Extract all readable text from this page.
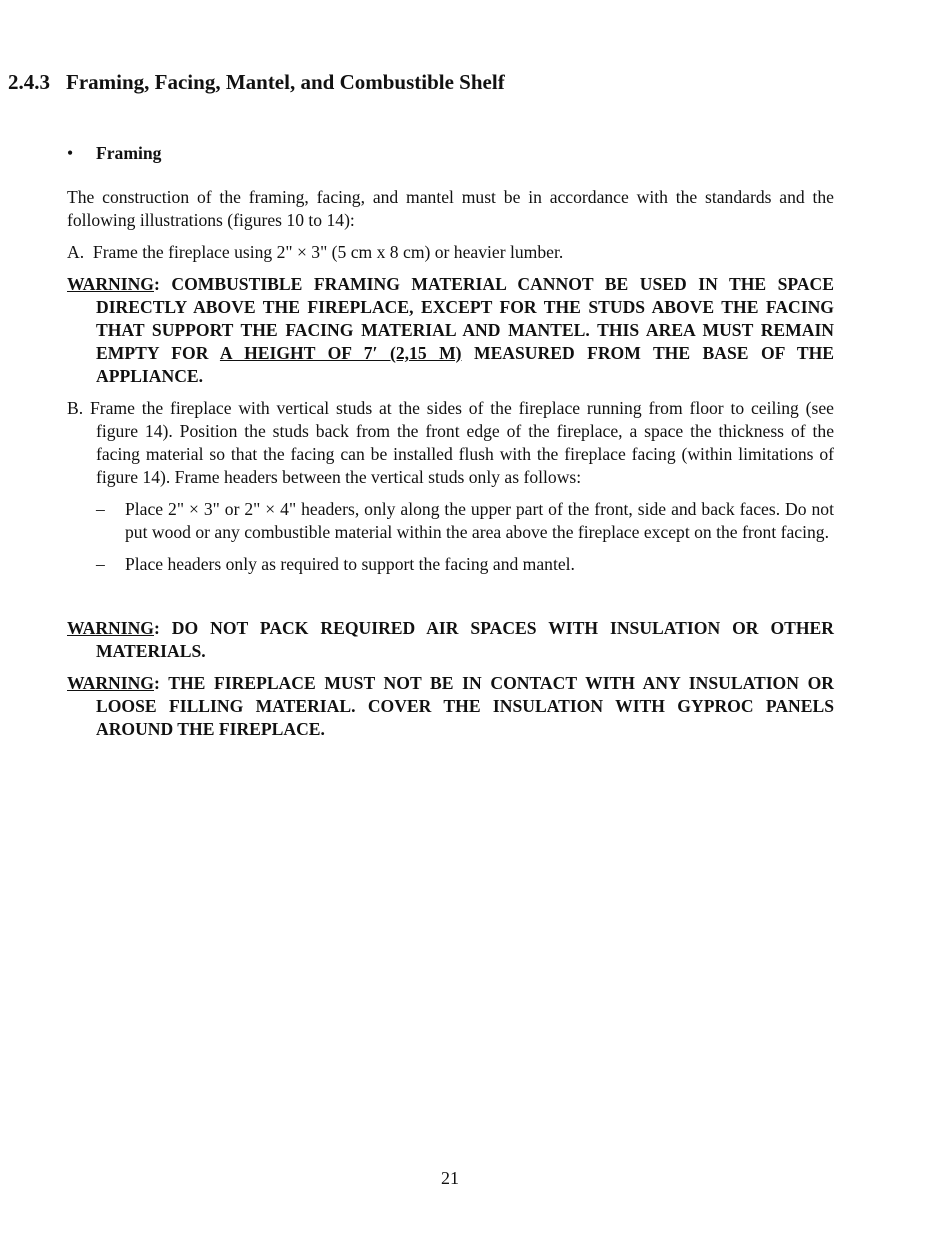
2.4.3 Framing, Facing, Mantel, and Combustible Shelf
• Framing

The construction of the framing, facing, and mantel must be in accordance with the standards and the following illustrations (figures 10 to 14):

A. Frame the fireplace using 2" × 3" (5 cm x 8 cm) or heavier lumber.

WARNING: COMBUSTIBLE FRAMING MATERIAL CANNOT BE USED IN THE SPACE DIRECTLY ABOVE THE FIREPLACE, EXCEPT FOR THE STUDS ABOVE THE FACING THAT SUPPORT THE FACING MATERIAL AND MANTEL. THIS AREA MUST REMAIN EMPTY FOR A HEIGHT OF 7′ (2,15 M) MEASURED FROM THE BASE OF THE APPLIANCE.

B. Frame the fireplace with vertical studs at the sides of the fireplace running from floor to ceiling (see figure 14). Position the studs back from the front edge of the fireplace, a space the thickness of the facing material so that the facing can be installed flush with the fireplace facing (within limitations of figure 14). Frame headers between the vertical studs only as follows:

– Place 2" × 3" or 2" × 4" headers, only along the upper part of the front, side and back faces. Do not put wood or any combustible material within the area above the fireplace except on the front facing.
– Place headers only as required to support the facing and mantel.

WARNING: DO NOT PACK REQUIRED AIR SPACES WITH INSULATION OR OTHER MATERIALS.

WARNING: THE FIREPLACE MUST NOT BE IN CONTACT WITH ANY INSULATION OR LOOSE FILLING MATERIAL. COVER THE INSULATION WITH GYPROC PANELS AROUND THE FIREPLACE.

21
